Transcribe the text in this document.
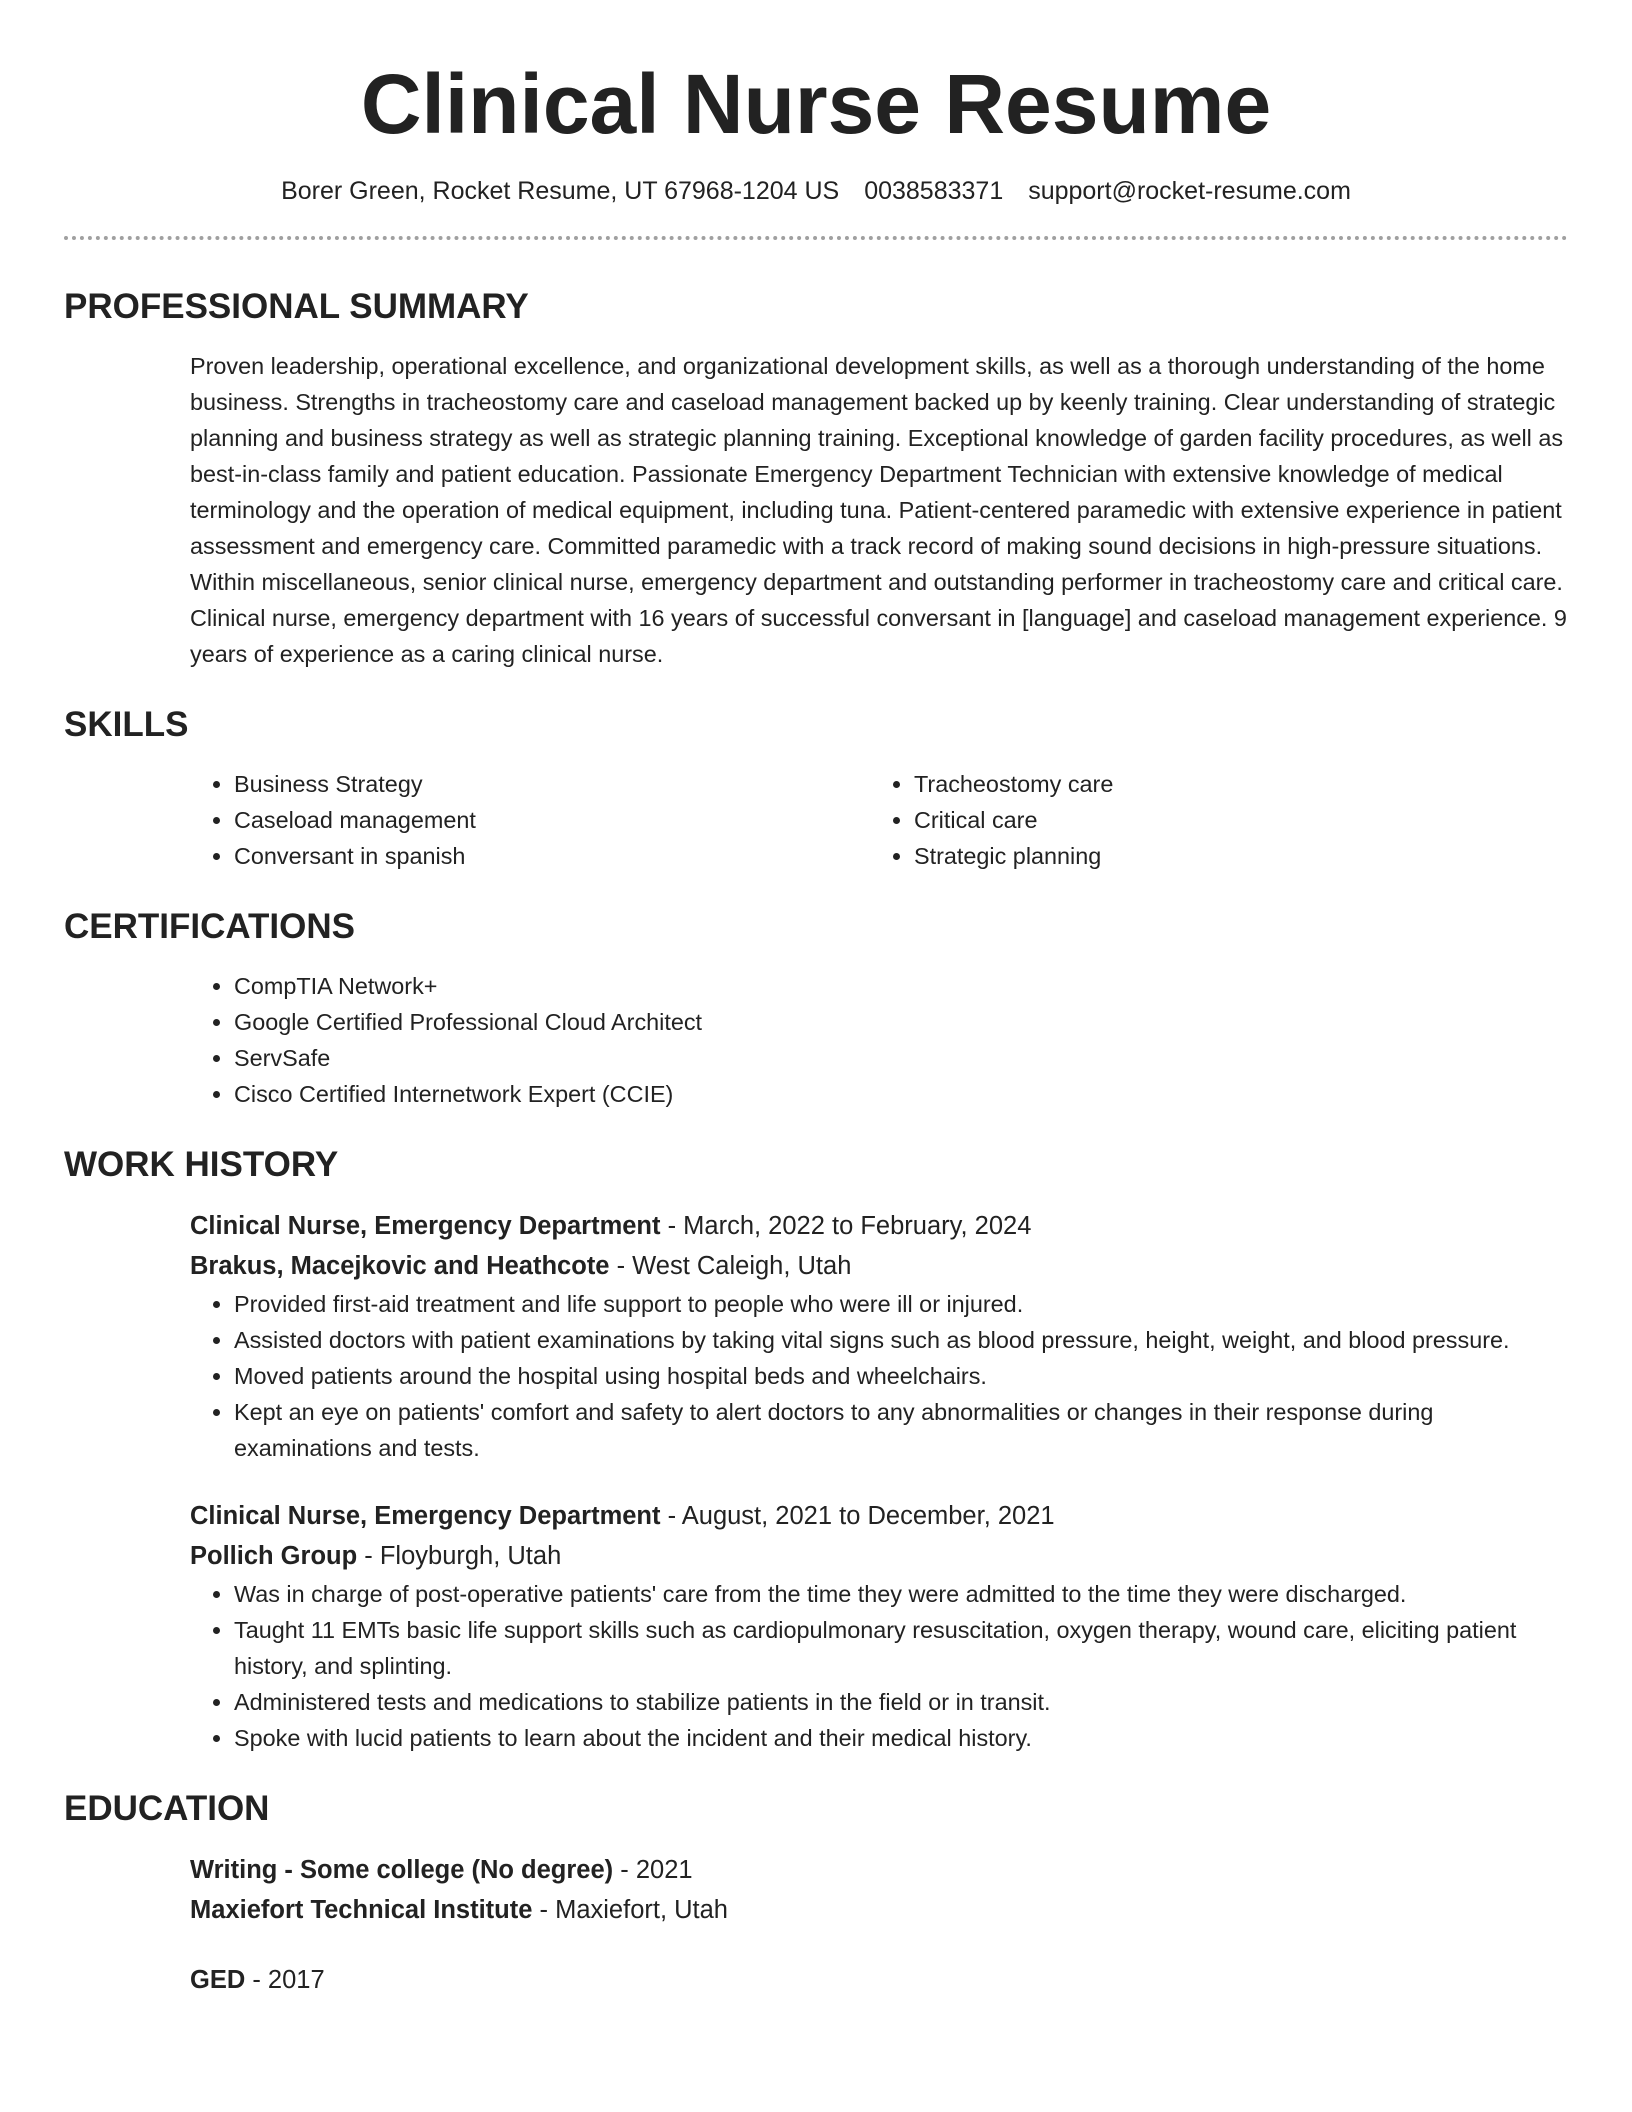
Clinical Nurse Resume
Borer Green, Rocket Resume, UT 67968-1204 US 0038583371 support@rocket-resume.com
PROFESSIONAL SUMMARY
Proven leadership, operational excellence, and organizational development skills, as well as a thorough understanding of the home business. Strengths in tracheostomy care and caseload management backed up by keenly training. Clear understanding of strategic planning and business strategy as well as strategic planning training. Exceptional knowledge of garden facility procedures, as well as best-in-class family and patient education. Passionate Emergency Department Technician with extensive knowledge of medical terminology and the operation of medical equipment, including tuna. Patient-centered paramedic with extensive experience in patient assessment and emergency care. Committed paramedic with a track record of making sound decisions in high-pressure situations. Within miscellaneous, senior clinical nurse, emergency department and outstanding performer in tracheostomy care and critical care. Clinical nurse, emergency department with 16 years of successful conversant in [language] and caseload management experience. 9 years of experience as a caring clinical nurse.
SKILLS
• Business Strategy
• Caseload management
• Conversant in spanish
• Tracheostomy care
• Critical care
• Strategic planning
CERTIFICATIONS
• CompTIA Network+
• Google Certified Professional Cloud Architect
• ServSafe
• Cisco Certified Internetwork Expert (CCIE)
WORK HISTORY
Clinical Nurse, Emergency Department - March, 2022 to February, 2024
Brakus, Macejkovic and Heathcote - West Caleigh, Utah
• Provided first-aid treatment and life support to people who were ill or injured.
• Assisted doctors with patient examinations by taking vital signs such as blood pressure, height, weight, and blood pressure.
• Moved patients around the hospital using hospital beds and wheelchairs.
• Kept an eye on patients' comfort and safety to alert doctors to any abnormalities or changes in their response during examinations and tests.
Clinical Nurse, Emergency Department - August, 2021 to December, 2021
Pollich Group - Floyburgh, Utah
• Was in charge of post-operative patients' care from the time they were admitted to the time they were discharged.
• Taught 11 EMTs basic life support skills such as cardiopulmonary resuscitation, oxygen therapy, wound care, eliciting patient history, and splinting.
• Administered tests and medications to stabilize patients in the field or in transit.
• Spoke with lucid patients to learn about the incident and their medical history.
EDUCATION
Writing - Some college (No degree) - 2021
Maxiefort Technical Institute - Maxiefort, Utah
GED - 2017
